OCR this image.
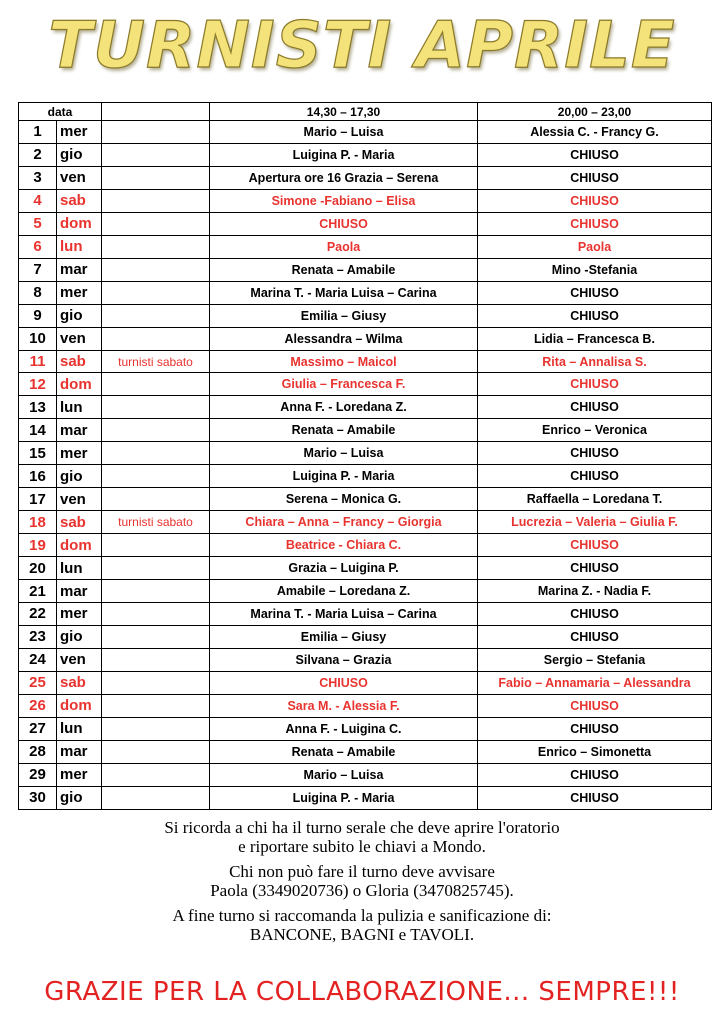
TURNISTI APRILE
data			14,30 – 17,30	20,00 – 23,00
1	mer		Mario – Luisa	Alessia C. - Francy G.
2	gio		Luigina P. - Maria	CHIUSO
3	ven		Apertura ore 16 Grazia – Serena	CHIUSO
4	sab		Simone -Fabiano – Elisa	CHIUSO
5	dom		CHIUSO	CHIUSO
6	lun		Paola	Paola
7	mar		Renata – Amabile	Mino -Stefania
8	mer		Marina T. - Maria Luisa – Carina	CHIUSO
9	gio		Emilia – Giusy	CHIUSO
10	ven		Alessandra – Wilma	Lidia – Francesca B.
11	sab	turnisti sabato	Massimo – Maicol	Rita – Annalisa S.
12	dom		Giulia – Francesca F.	CHIUSO
13	lun		Anna F. - Loredana Z.	CHIUSO
14	mar		Renata – Amabile	Enrico – Veronica
15	mer		Mario – Luisa	CHIUSO
16	gio		Luigina P. - Maria	CHIUSO
17	ven		Serena – Monica G.	Raffaella – Loredana T.
18	sab	turnisti sabato	Chiara – Anna – Francy – Giorgia	Lucrezia – Valeria – Giulia F.
19	dom		Beatrice - Chiara C.	CHIUSO
20	lun		Grazia – Luigina P.	CHIUSO
21	mar		Amabile – Loredana Z.	Marina Z. - Nadia F.
22	mer		Marina T. - Maria Luisa – Carina	CHIUSO
23	gio		Emilia – Giusy	CHIUSO
24	ven		Silvana – Grazia	Sergio – Stefania
25	sab		CHIUSO	Fabio – Annamaria – Alessandra
26	dom		Sara M. - Alessia F.	CHIUSO
27	lun		Anna F. - Luigina C.	CHIUSO
28	mar		Renata – Amabile	Enrico – Simonetta
29	mer		Mario – Luisa	CHIUSO
30	gio		Luigina P. - Maria	CHIUSO

Si ricorda a chi ha il turno serale che deve aprire l'oratorio
e riportare subito le chiavi a Mondo.

Chi non può fare il turno deve avvisare
Paola (3349020736) o Gloria (3470825745).

A fine turno si raccomanda la pulizia e sanificazione di:
BANCONE, BAGNI e TAVOLI.

GRAZIE PER LA COLLABORAZIONE... SEMPRE!!!
